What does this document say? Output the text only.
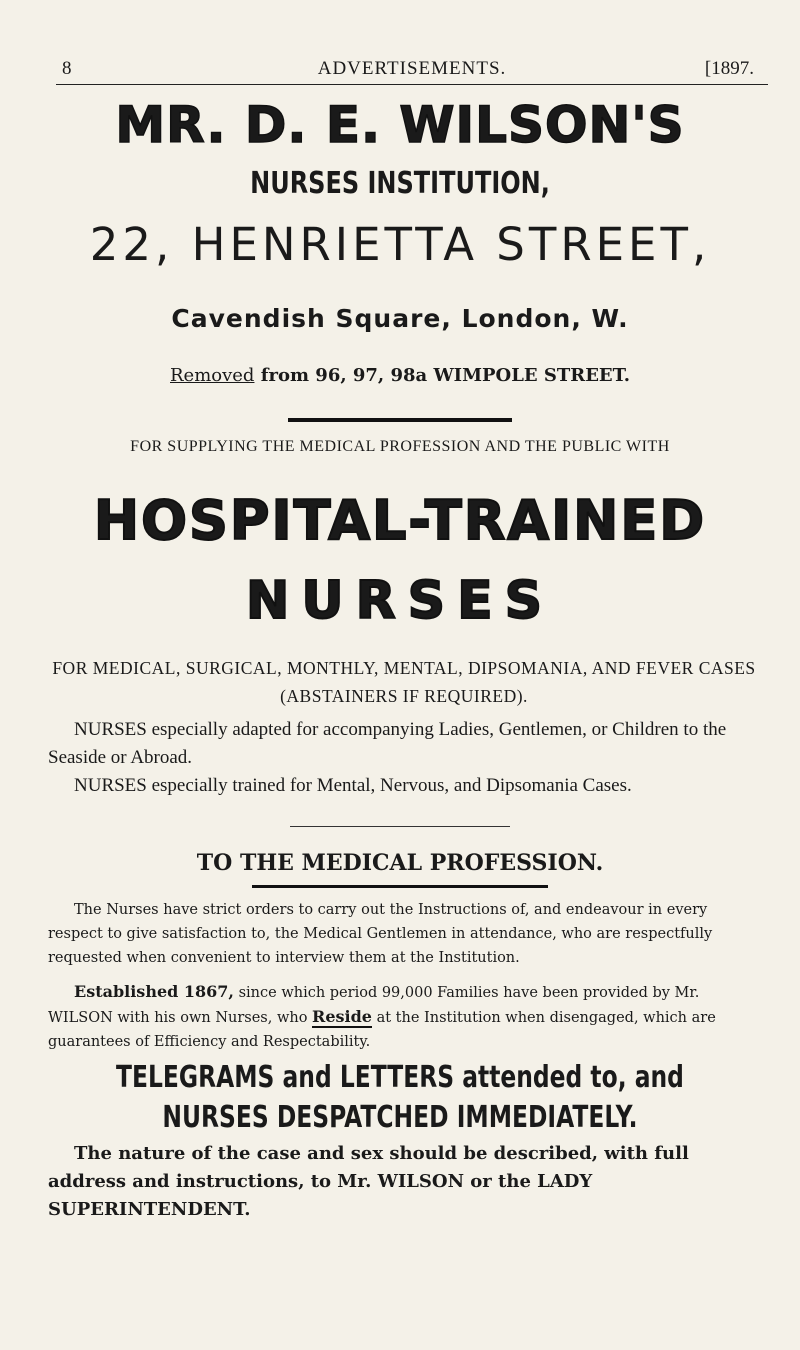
8	ADVERTISEMENTS.	[1897.
MR. D. E. WILSON'S
NURSES INSTITUTION,
22, HENRIETTA STREET,
Cavendish Square, London, W.
Removed from 96, 97, 98a WIMPOLE STREET.
FOR SUPPLYING THE MEDICAL PROFESSION AND THE PUBLIC WITH
HOSPITAL-TRAINED
NURSES
FOR MEDICAL, SURGICAL, MONTHLY, MENTAL, DIPSOMANIA, AND FEVER CASES (ABSTAINERS IF REQUIRED).
NURSES especially adapted for accompanying Ladies, Gentlemen, or Children to the Seaside or Abroad.
NURSES especially trained for Mental, Nervous, and Dipsomania Cases.
TO THE MEDICAL PROFESSION.
The Nurses have strict orders to carry out the Instructions of, and endeavour in every respect to give satisfaction to, the Medical Gentlemen in attendance, who are respectfully requested when convenient to interview them at the Institution.
Established 1867, since which period 99,000 Families have been provided by Mr. WILSON with his own Nurses, who Reside at the Institution when disengaged, which are guarantees of Efficiency and Respectability.
TELEGRAMS and LETTERS attended to, and NURSES DESPATCHED IMMEDIATELY.
The nature of the case and sex should be described, with full address and instructions, to Mr. WILSON or the LADY SUPERINTENDENT.
